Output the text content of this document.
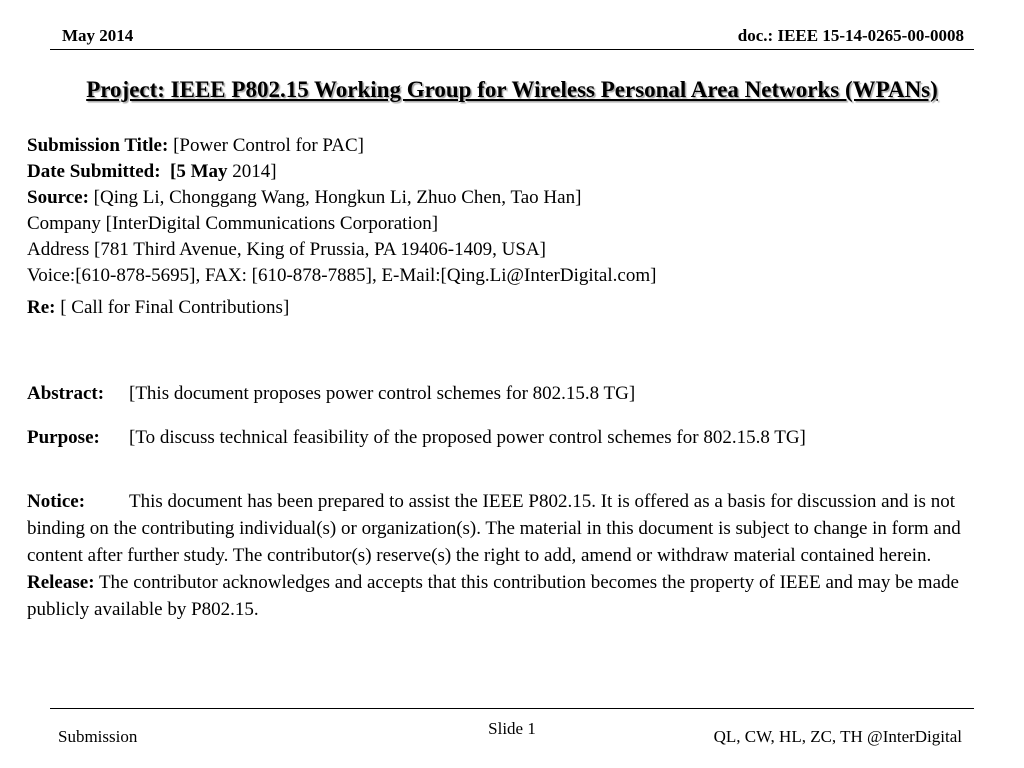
May 2014	doc.: IEEE 15-14-0265-00-0008
Project: IEEE P802.15 Working Group for Wireless Personal Area Networks (WPANs)
Submission Title: [Power Control for PAC]
Date Submitted: [5 May 2014]
Source: [Qing Li, Chonggang Wang, Hongkun Li, Zhuo Chen, Tao Han]
Company [InterDigital Communications Corporation]
Address [781 Third Avenue, King of Prussia, PA 19406-1409, USA]
Voice:[610-878-5695], FAX: [610-878-7885], E-Mail:[Qing.Li@InterDigital.com]
Re: [ Call for Final Contributions]
Abstract:	[This document proposes power control schemes for 802.15.8 TG]
Purpose:	[To discuss technical feasibility of the proposed power control schemes for 802.15.8 TG]
Notice: This document has been prepared to assist the IEEE P802.15. It is offered as a basis for discussion and is not binding on the contributing individual(s) or organization(s). The material in this document is subject to change in form and content after further study. The contributor(s) reserve(s) the right to add, amend or withdraw material contained herein.
Release: The contributor acknowledges and accepts that this contribution becomes the property of IEEE and may be made publicly available by P802.15.
Submission	Slide 1	QL, CW, HL, ZC, TH @InterDigital
